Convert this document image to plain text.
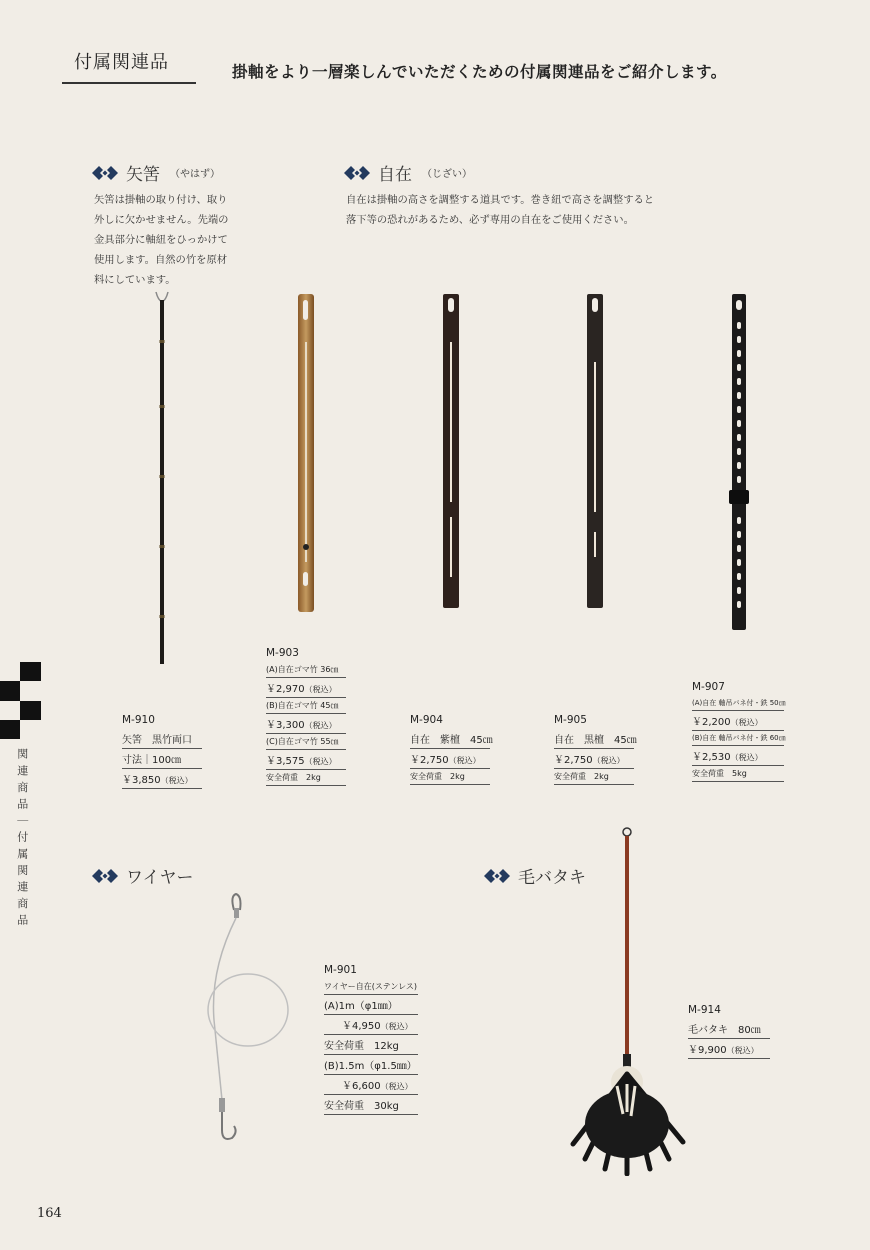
付属関連品	掛軸をより一層楽しんでいただくための付属関連品をご紹介します。
矢筈 （やはず）
矢筈は掛軸の取り付け、取り
外しに欠かせません。先端の
金具部分に軸紐をひっかけて
使用します。自然の竹を原材
料にしています。
自在 （じざい）
自在は掛軸の高さを調整する道具です。巻き紐で高さを調整すると
落下等の恐れがあるため、必ず専用の自在をご使用ください。
M-910
矢筈　黒竹両口
寸法｜100㎝
￥3,850（税込）
M-903
(A)自在ゴマ竹 36㎝
￥2,970（税込）
(B)自在ゴマ竹 45㎝
￥3,300（税込）
(C)自在ゴマ竹 55㎝
￥3,575（税込）
安全荷重　2kg
M-904
自在　紫檀　45㎝
￥2,750（税込）
安全荷重　2kg
M-905
自在　黒檀　45㎝
￥2,750（税込）
安全荷重　2kg
M-907
(A)自在 軸吊バネ付・鉄 50㎝
￥2,200（税込）
(B)自在 軸吊バネ付・鉄 60㎝
￥2,530（税込）
安全荷重　5kg
関連商品｜付属関連商品	ワイヤー	毛バタキ
M-901
ワイヤー自在(ステンレス)
(A)1m（φ1㎜）
￥4,950（税込）
安全荷重　12kg
(B)1.5m（φ1.5㎜）
￥6,600（税込）
安全荷重　30kg
M-914
毛バタキ　80㎝
￥9,900（税込）
164
